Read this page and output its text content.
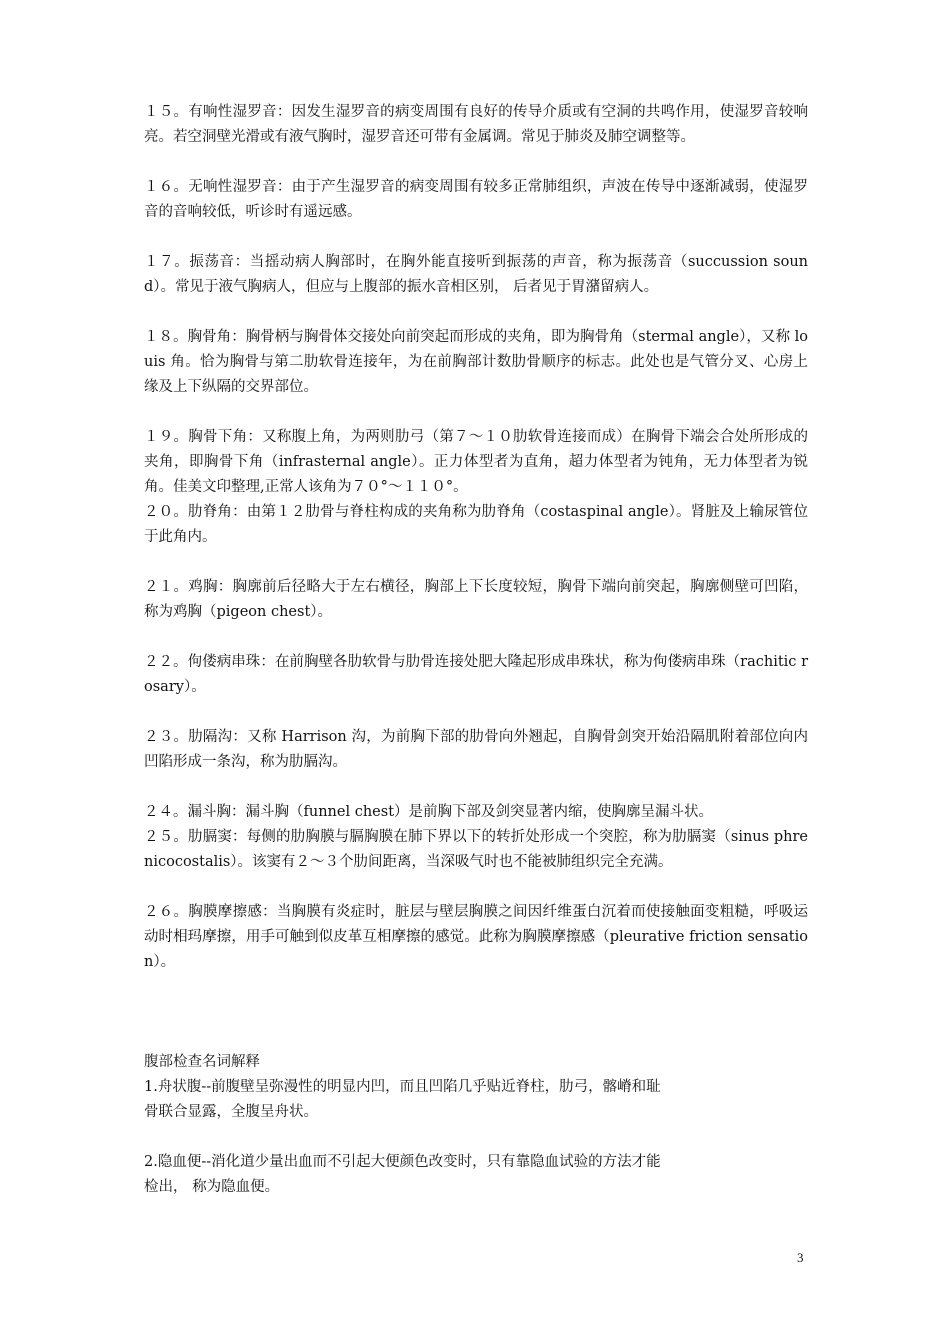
１５。有响性湿罗音：因发生湿罗音的病变周围有良好的传导介质或有空洞的共鸣作用，使湿罗音较响亮。若空洞壁光滑或有液气胸时，湿罗音还可带有金属调。常见于肺炎及肺空调整等。

１６。无响性湿罗音：由于产生湿罗音的病变周围有较多正常肺组织，声波在传导中逐渐减弱，使湿罗音的音响较低，听诊时有遥远感。

１７。振荡音：当摇动病人胸部时，在胸外能直接听到振荡的声音，称为振荡音（succussion sound）。常见于液气胸病人，但应与上腹部的振水音相区别， 后者见于胃潴留病人。

１８。胸骨角：胸骨柄与胸骨体交接处向前突起而形成的夹角，即为胸骨角（stermal angle），又称 louis 角。恰为胸骨与第二肋软骨连接年，为在前胸部计数肋骨顺序的标志。此处也是气管分叉、心房上缘及上下纵隔的交界部位。

１９。胸骨下角：又称腹上角，为两则肋弓（第７～１０肋软骨连接而成）在胸骨下端会合处所形成的夹角，即胸骨下角（infrasternal angle）。正力体型者为直角，超力体型者为钝角，无力体型者为锐角。佳美文印整理,正常人该角为７０°～１１０°。

２０。肋脊角：由第１２肋骨与脊柱构成的夹角称为肋脊角（costaspinal angle）。肾脏及上输尿管位于此角内。

２１。鸡胸：胸廓前后径略大于左右横径，胸部上下长度较短，胸骨下端向前突起，胸廓侧壁可凹陷，称为鸡胸（pigeon chest）。

２２。佝偻病串珠：在前胸壁各肋软骨与肋骨连接处肥大隆起形成串珠状，称为佝偻病串珠（rachitic rosary）。

２３。肋隔沟：又称 Harrison 沟，为前胸下部的肋骨向外翘起，自胸骨剑突开始沿隔肌附着部位向内凹陷形成一条沟，称为肋膈沟。

２４。漏斗胸：漏斗胸（funnel chest）是前胸下部及剑突显著内缩，使胸廓呈漏斗状。

２５。肋膈窦：每侧的肋胸膜与膈胸膜在肺下界以下的转折处形成一个突腔，称为肋膈窦（sinus phrenicocostalis）。该窦有２～３个肋间距离，当深吸气时也不能被肺组织完全充满。

２６。胸膜摩擦感：当胸膜有炎症时，脏层与壁层胸膜之间因纤维蛋白沉着而使接触面变粗糙，呼吸运动时相玛摩擦，用手可触到似皮革互相摩擦的感觉。此称为胸膜摩擦感（pleurative friction sensation）。

腹部检查名词解释

1.舟状腹--前腹壁呈弥漫性的明显内凹，而且凹陷几乎贴近脊柱，肋弓，髂嵴和耻

骨联合显露，全腹呈舟状。

2.隐血便--消化道少量出血而不引起大便颜色改变时，只有靠隐血试验的方法才能

检出， 称为隐血便。

3
